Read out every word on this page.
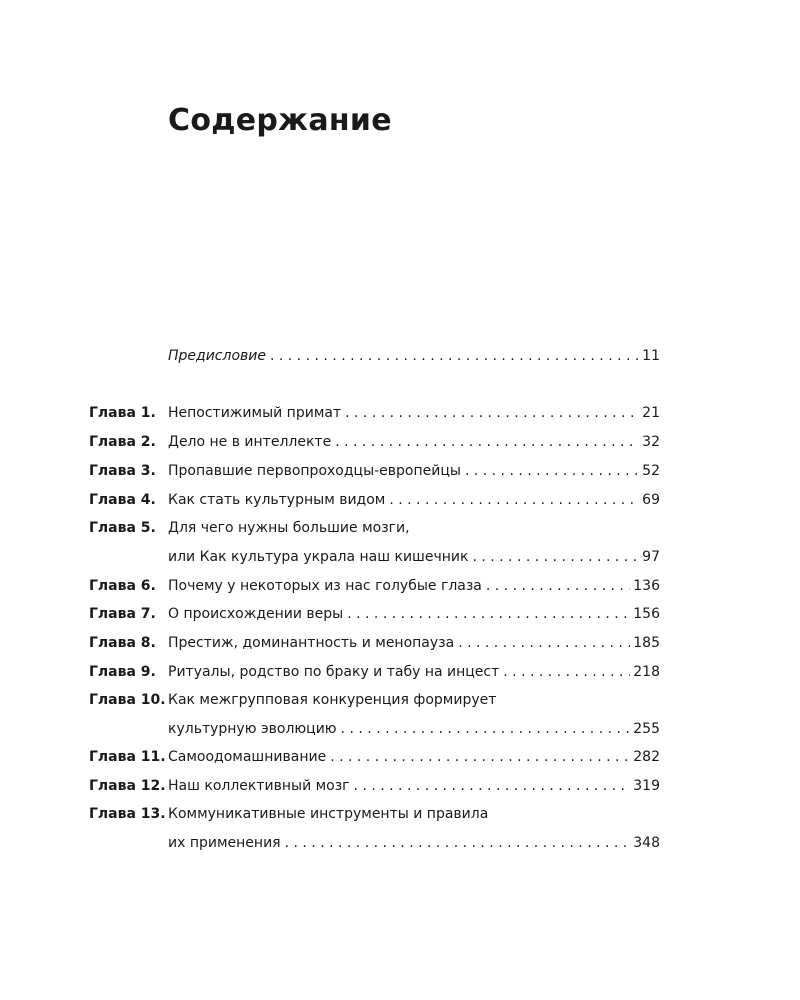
Содержание
Предисловие . . .	11
Глава 1. Непостижимый примат . . .	21
Глава 2. Дело не в интеллекте . . .	32
Глава 3. Пропавшие первопроходцы-европейцы . . .	52
Глава 4. Как стать культурным видом . . .	69
Глава 5. Для чего нужны большие мозги,
или Как культура украла наш кишечник . . .	97
Глава 6. Почему у некоторых из нас голубые глаза . . .	136
Глава 7. О происхождении веры . . .	156
Глава 8. Престиж, доминантность и менопауза . . .	185
Глава 9. Ритуалы, родство по браку и табу на инцест . . .	218
Глава 10. Как межгрупповая конкуренция формирует
культурную эволюцию . . .	255
Глава 11. Самоодомашнивание . . .	282
Глава 12. Наш коллективный мозг . . .	319
Глава 13. Коммуникативные инструменты и правила
их применения . . .	348
